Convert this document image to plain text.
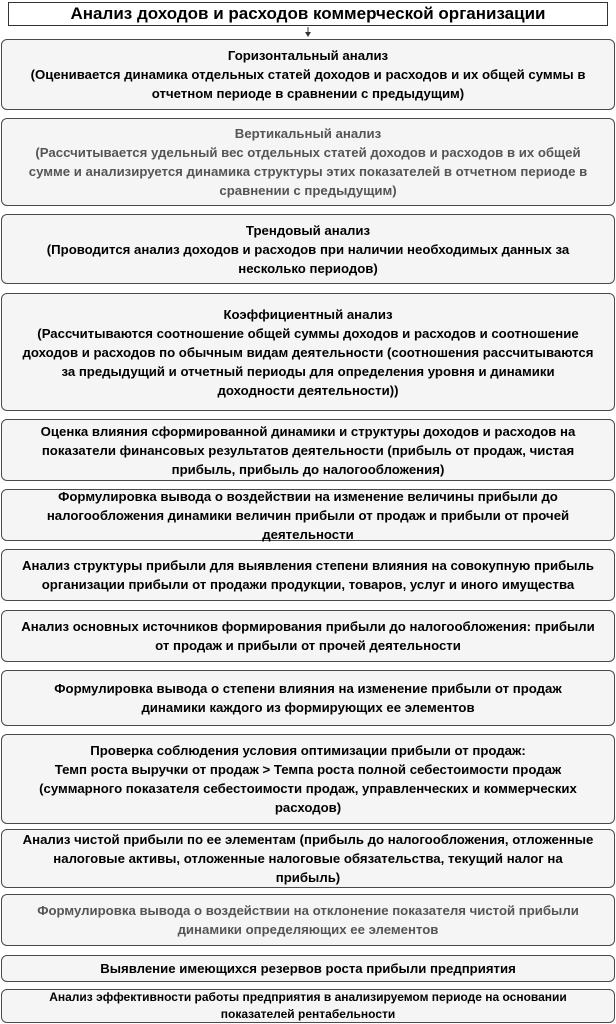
Анализ доходов и расходов коммерческой организации
Горизонтальный анализ
(Оценивается динамика отдельных статей доходов и расходов и их общей суммы в
отчетном периоде в сравнении с предыдущим)
Вертикальный анализ
(Рассчитывается удельный вес отдельных статей доходов и расходов в их общей
сумме и анализируется динамика структуры этих показателей в отчетном периоде в
сравнении с предыдущим)
Трендовый анализ
(Проводится анализ доходов и расходов при наличии необходимых данных за
несколько периодов)
Коэффициентный анализ
(Рассчитываются соотношение общей суммы доходов и расходов и соотношение
доходов и расходов по обычным видам деятельности (соотношения рассчитываются
за предыдущий и отчетный периоды для определения уровня и динамики
доходности деятельности))
Оценка влияния сформированной динамики и структуры доходов и расходов на
показатели финансовых результатов деятельности (прибыль от продаж, чистая
прибыль, прибыль до налогообложения)
Формулировка вывода о воздействии на изменение величины прибыли до
налогообложения динамики величин прибыли от продаж и прибыли от прочей
деятельности
Анализ структуры прибыли для выявления степени влияния на совокупную прибыль
организации прибыли от продажи продукции, товаров, услуг и иного имущества
Анализ основных источников формирования прибыли до налогообложения: прибыли
от продаж и прибыли от прочей деятельности
Формулировка вывода о степени влияния на изменение прибыли от продаж
динамики каждого из формирующих ее элементов
Проверка соблюдения условия оптимизации прибыли от продаж:
Темп роста выручки от продаж > Темпа роста полной себестоимости продаж
(суммарного показателя себестоимости продаж, управленческих и коммерческих
расходов)
Анализ чистой прибыли по ее элементам (прибыль до налогообложения, отложенные
налоговые активы, отложенные налоговые обязательства, текущий налог на
прибыль)
Формулировка вывода о воздействии на отклонение показателя чистой прибыли
динамики определяющих ее элементов
Выявление имеющихся резервов роста прибыли предприятия
Анализ эффективности работы предприятия в анализируемом периоде на основании
показателей рентабельности
